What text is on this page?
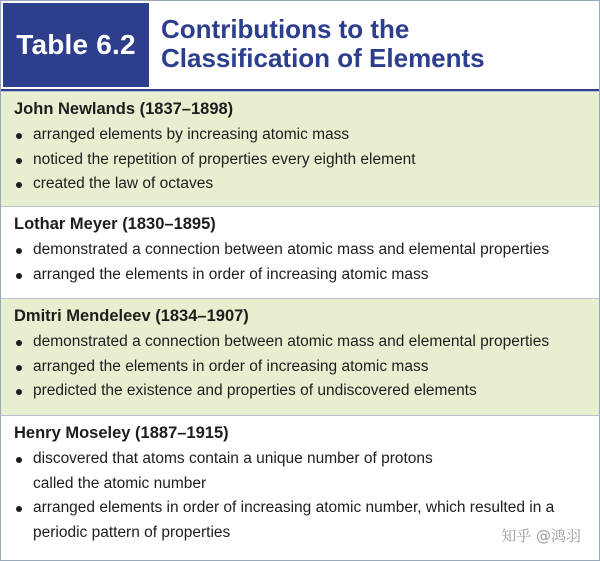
Table 6.2 Contributions to the
Classification of Elements
John Newlands (1837–1898)
arranged elements by increasing atomic mass
noticed the repetition of properties every eighth element
created the law of octaves
Lothar Meyer (1830–1895)
demonstrated a connection between atomic mass and elemental properties
arranged the elements in order of increasing atomic mass
Dmitri Mendeleev (1834–1907)
demonstrated a connection between atomic mass and elemental properties
arranged the elements in order of increasing atomic mass
predicted the existence and properties of undiscovered elements
Henry Moseley (1887–1915)
discovered that atoms contain a unique number of protons called the atomic number
arranged elements in order of increasing atomic number, which resulted in a periodic pattern of properties	知乎 @鸿羽
